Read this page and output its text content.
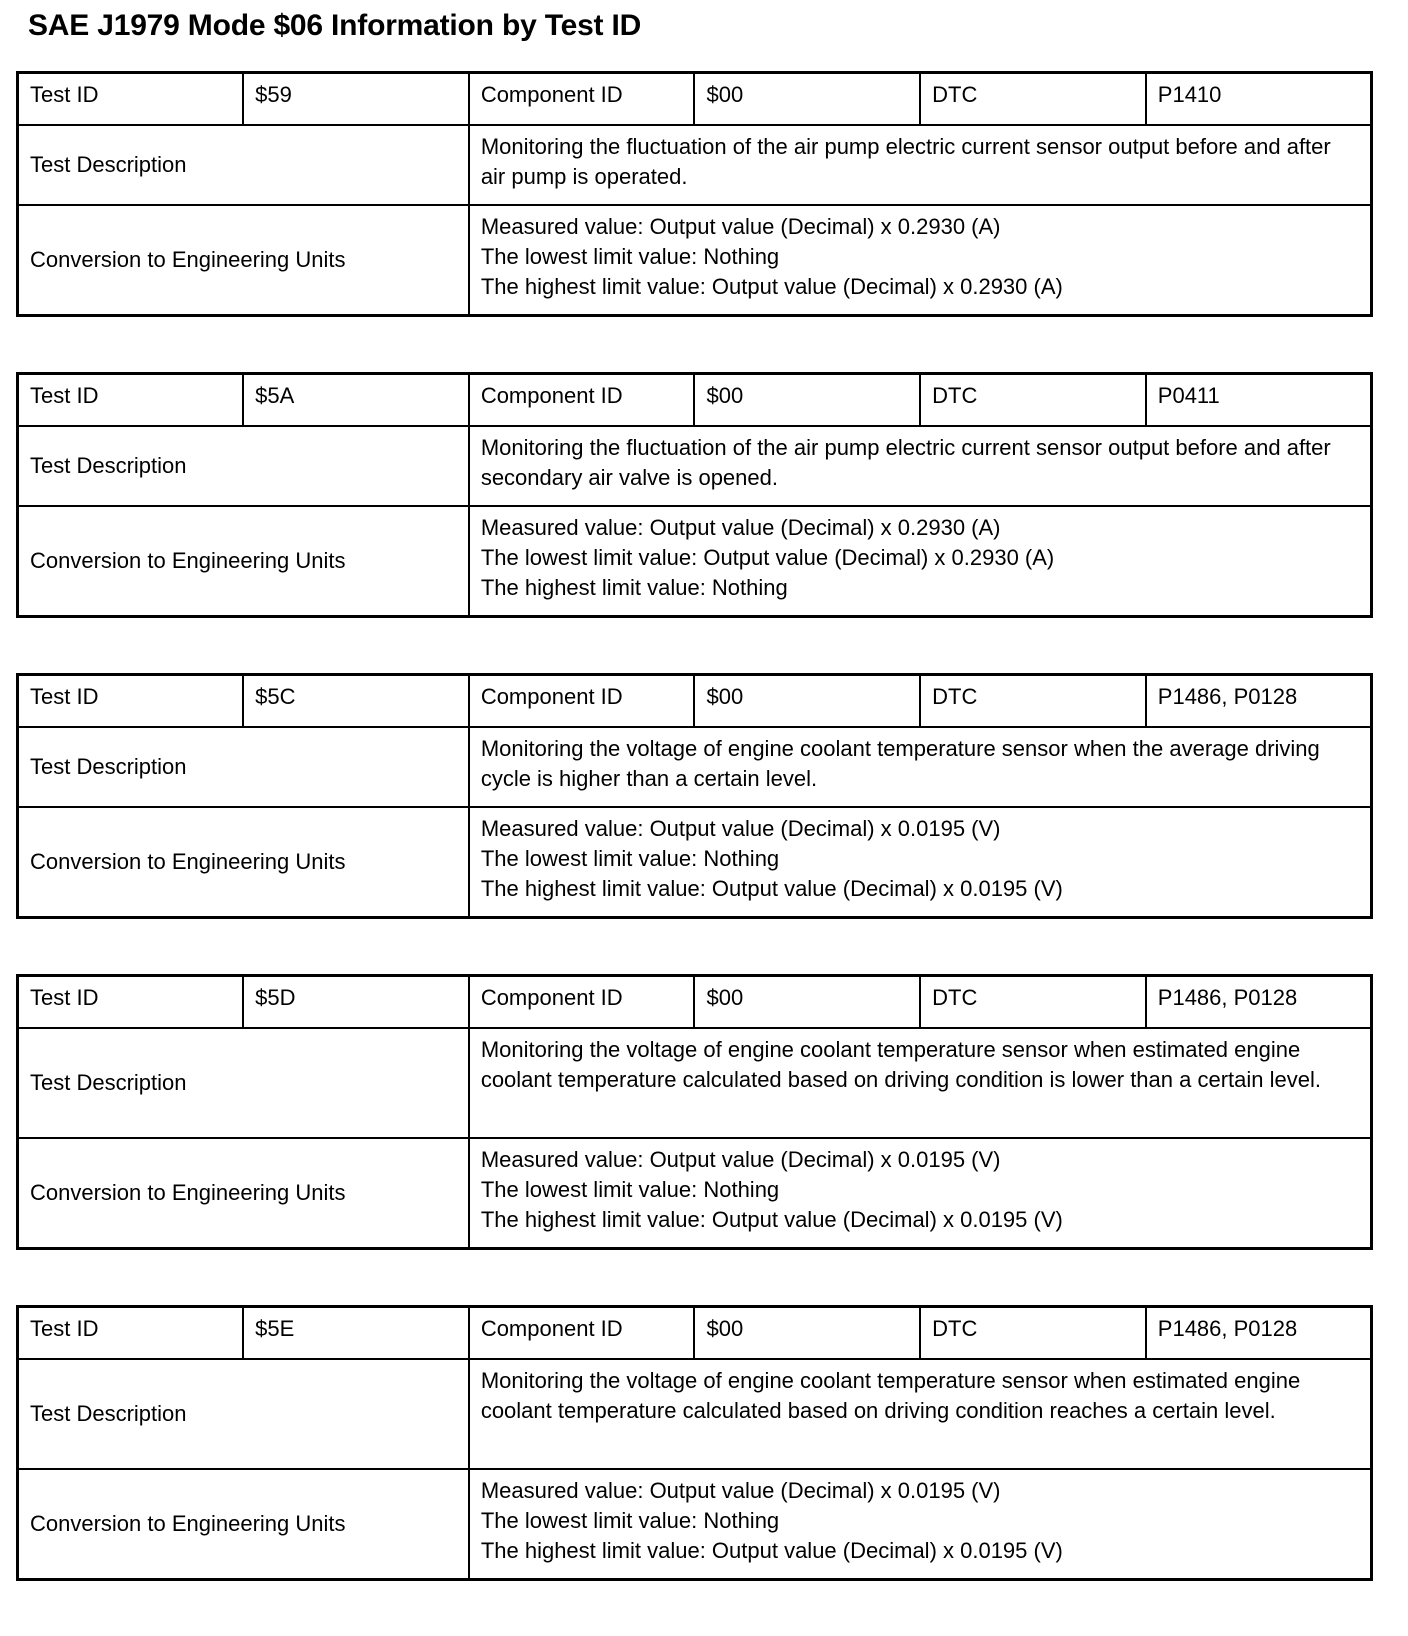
SAE J1979 Mode $06 Information by Test ID
Test ID	$59	Component ID	$00	DTC	P1410
Test Description		Monitoring the fluctuation of the air pump electric current sensor output before and after air pump is operated.			
Conversion to Engineering Units		Measured value: Output value (Decimal) x 0.2930 (A)
The lowest limit value: Nothing
The highest limit value: Output value (Decimal) x 0.2930 (A)			
Test ID	$5A	Component ID	$00	DTC	P0411
Test Description		Monitoring the fluctuation of the air pump electric current sensor output before and after secondary air valve is opened.			
Conversion to Engineering Units		Measured value: Output value (Decimal) x 0.2930 (A)
The lowest limit value: Output value (Decimal) x 0.2930 (A)
The highest limit value: Nothing			
Test ID	$5C	Component ID	$00	DTC	P1486, P0128
Test Description		Monitoring the voltage of engine coolant temperature sensor when the average driving cycle is higher than a certain level.			
Conversion to Engineering Units		Measured value: Output value (Decimal) x 0.0195 (V)
The lowest limit value: Nothing
The highest limit value: Output value (Decimal) x 0.0195 (V)			
Test ID	$5D	Component ID	$00	DTC	P1486, P0128
Test Description		Monitoring the voltage of engine coolant temperature sensor when estimated engine coolant temperature calculated based on driving condition is lower than a certain level.			
Conversion to Engineering Units		Measured value: Output value (Decimal) x 0.0195 (V)
The lowest limit value: Nothing
The highest limit value: Output value (Decimal) x 0.0195 (V)			
Test ID	$5E	Component ID	$00	DTC	P1486, P0128
Test Description		Monitoring the voltage of engine coolant temperature sensor when estimated engine coolant temperature calculated based on driving condition reaches a certain level.			
Conversion to Engineering Units		Measured value: Output value (Decimal) x 0.0195 (V)
The lowest limit value: Nothing
The highest limit value: Output value (Decimal) x 0.0195 (V)			
